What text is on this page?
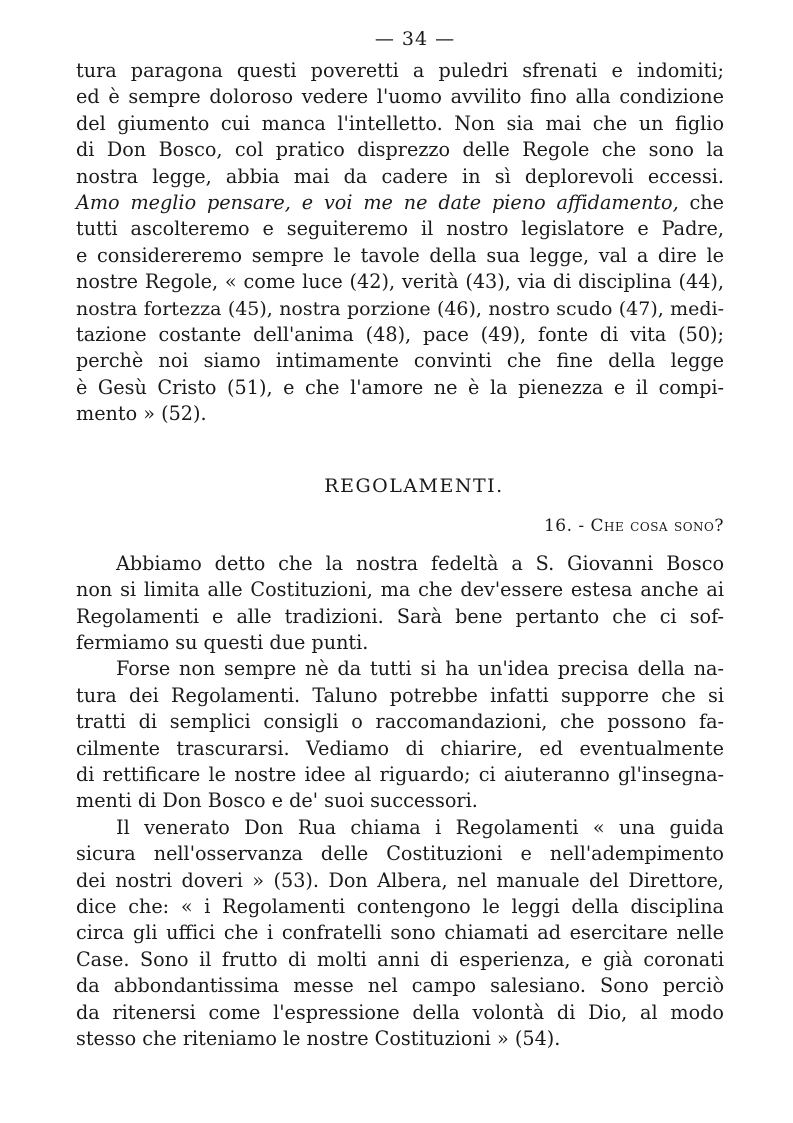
— 34 —
tura paragona questi poveretti a puledri sfrenati e indomiti;
ed è sempre doloroso vedere l'uomo avvilito fino alla condizione
del giumento cui manca l'intelletto. Non sia mai che un figlio
di Don Bosco, col pratico disprezzo delle Regole che sono la
nostra legge, abbia mai da cadere in sì deplorevoli eccessi.
Amo meglio pensare, e voi me ne date pieno affidamento, che
tutti ascolteremo e seguiteremo il nostro legislatore e Padre,
e considereremo sempre le tavole della sua legge, val a dire le
nostre Regole, « come luce (42), verità (43), via di disciplina (44),
nostra fortezza (45), nostra porzione (46), nostro scudo (47), medi-
tazione costante dell'anima (48), pace (49), fonte di vita (50);
perchè noi siamo intimamente convinti che fine della legge
è Gesù Cristo (51), e che l'amore ne è la pienezza e il compi-
mento » (52).
REGOLAMENTI.
16. - Che cosa sono?
Abbiamo detto che la nostra fedeltà a S. Giovanni Bosco
non si limita alle Costituzioni, ma che dev'essere estesa anche ai
Regolamenti e alle tradizioni. Sarà bene pertanto che ci sof-
fermiamo su questi due punti.
Forse non sempre nè da tutti si ha un'idea precisa della na-
tura dei Regolamenti. Taluno potrebbe infatti supporre che si
tratti di semplici consigli o raccomandazioni, che possono fa-
cilmente trascurarsi. Vediamo di chiarire, ed eventualmente
di rettificare le nostre idee al riguardo; ci aiuteranno gl'insegna-
menti di Don Bosco e de' suoi successori.
Il venerato Don Rua chiama i Regolamenti « una guida
sicura nell'osservanza delle Costituzioni e nell'adempimento
dei nostri doveri » (53). Don Albera, nel manuale del Direttore,
dice che: « i Regolamenti contengono le leggi della disciplina
circa gli uffici che i confratelli sono chiamati ad esercitare nelle
Case. Sono il frutto di molti anni di esperienza, e già coronati
da abbondantissima messe nel campo salesiano. Sono perciò
da ritenersi come l'espressione della volontà di Dio, al modo
stesso che riteniamo le nostre Costituzioni » (54).
